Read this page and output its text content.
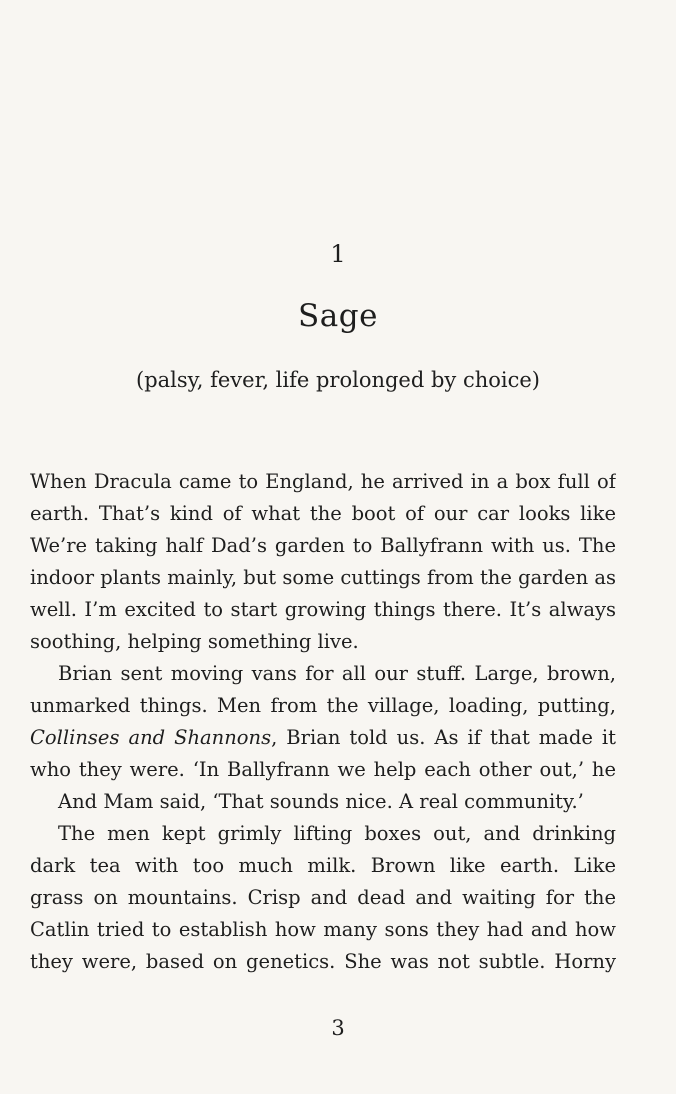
1
Sage
(palsy, fever, life prolonged by choice)
When Dracula came to England, he arrived in a box full of
earth. That’s kind of what the boot of our car looks like
We’re taking half Dad’s garden to Ballyfrann with us. The
indoor plants mainly, but some cuttings from the garden as
well. I’m excited to start growing things there. It’s always
soothing, helping something live.
Brian sent moving vans for all our stuff. Large, brown,
unmarked things. Men from the village, loading, putting,
Collinses and Shannons, Brian told us. As if that made it
who they were. ‘In Ballyfrann we help each other out,’ he
And Mam said, ‘That sounds nice. A real community.’
The men kept grimly lifting boxes out, and drinking
dark tea with too much milk. Brown like earth. Like
grass on mountains. Crisp and dead and waiting for the
Catlin tried to establish how many sons they had and how
they were, based on genetics. She was not subtle. Horny
3
